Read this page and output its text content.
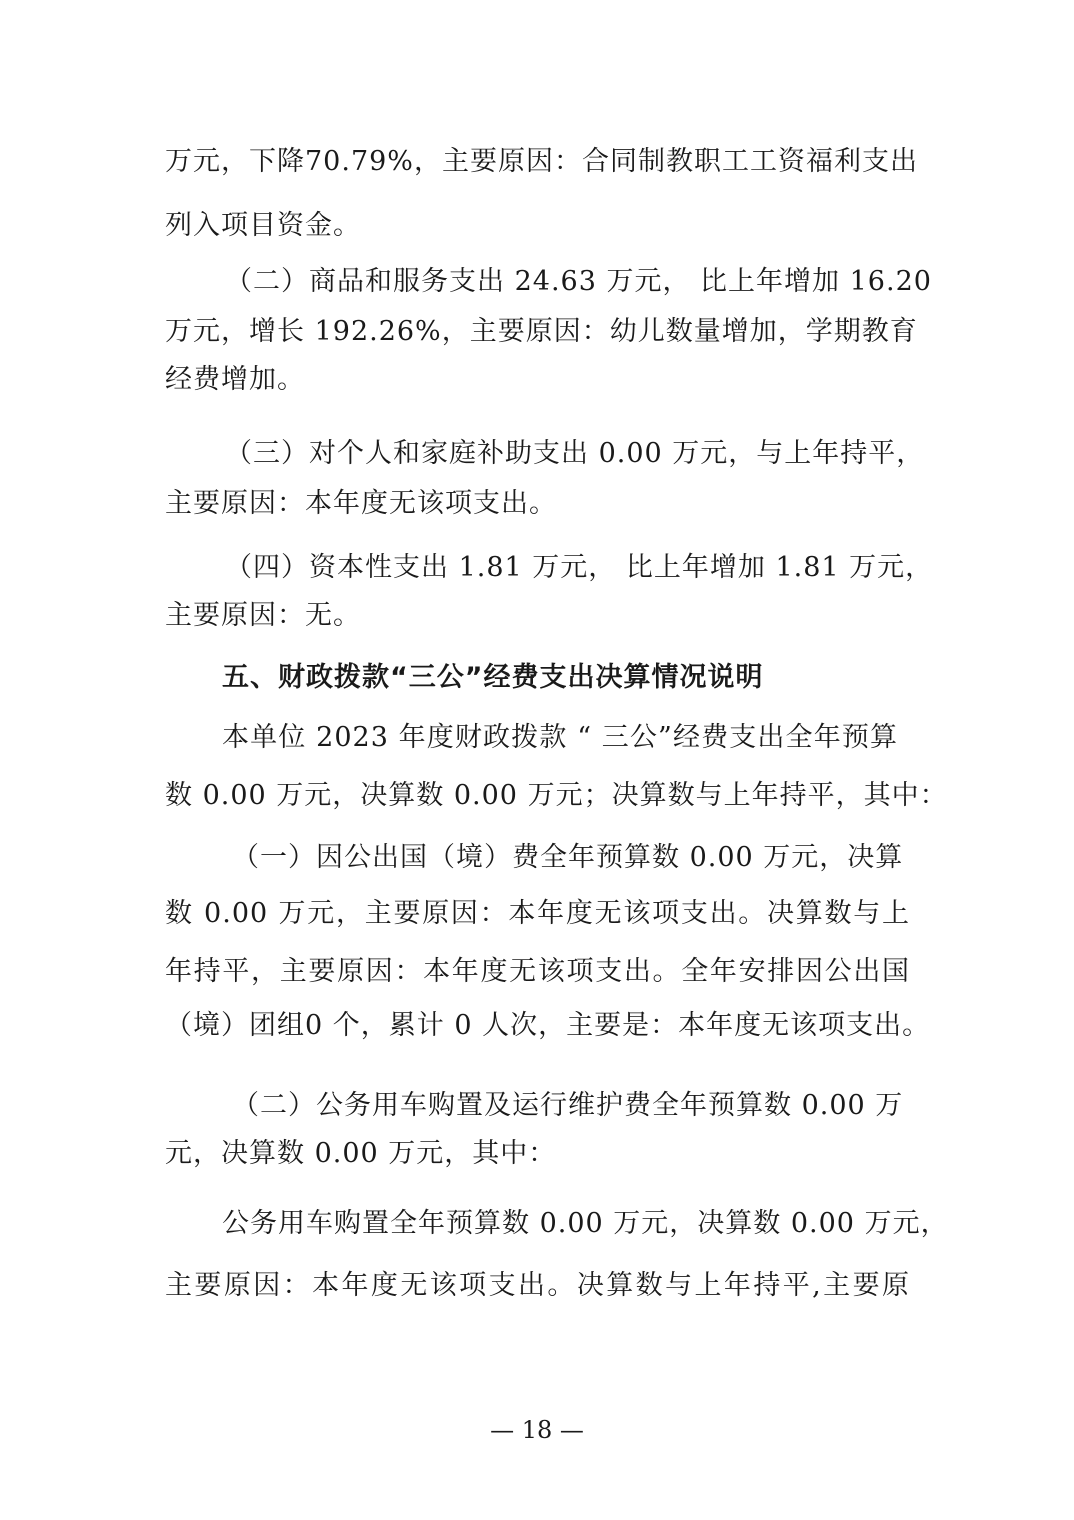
万元，下降70.79%，主要原因：合同制教职工工资福利支出
列入项目资金。
（二）商品和服务支出 24.63 万元， 比上年增加 16.20
万元，增长 192.26%，主要原因：幼儿数量增加，学期教育
经费增加。
（三）对个人和家庭补助支出 0.00 万元，与上年持平，
主要原因：本年度无该项支出。
（四）资本性支出 1.81 万元， 比上年增加 1.81 万元，
主要原因：无。
五、财政拨款“三公”经费支出决算情况说明
本单位 2023 年度财政拨款 “ 三公”经费支出全年预算
数 0.00 万元，决算数 0.00 万元；决算数与上年持平，其中：
（一）因公出国（境）费全年预算数 0.00 万元，决算
数 0.00 万元，主要原因：本年度无该项支出。决算数与上
年持平，主要原因：本年度无该项支出。全年安排因公出国
（境）团组0 个，累计 0 人次，主要是：本年度无该项支出。
（二）公务用车购置及运行维护费全年预算数 0.00 万
元，决算数 0.00 万元，其中：
公务用车购置全年预算数 0.00 万元，决算数 0.00 万元，
主要原因：本年度无该项支出。决算数与上年持平,主要原
— 18 —
